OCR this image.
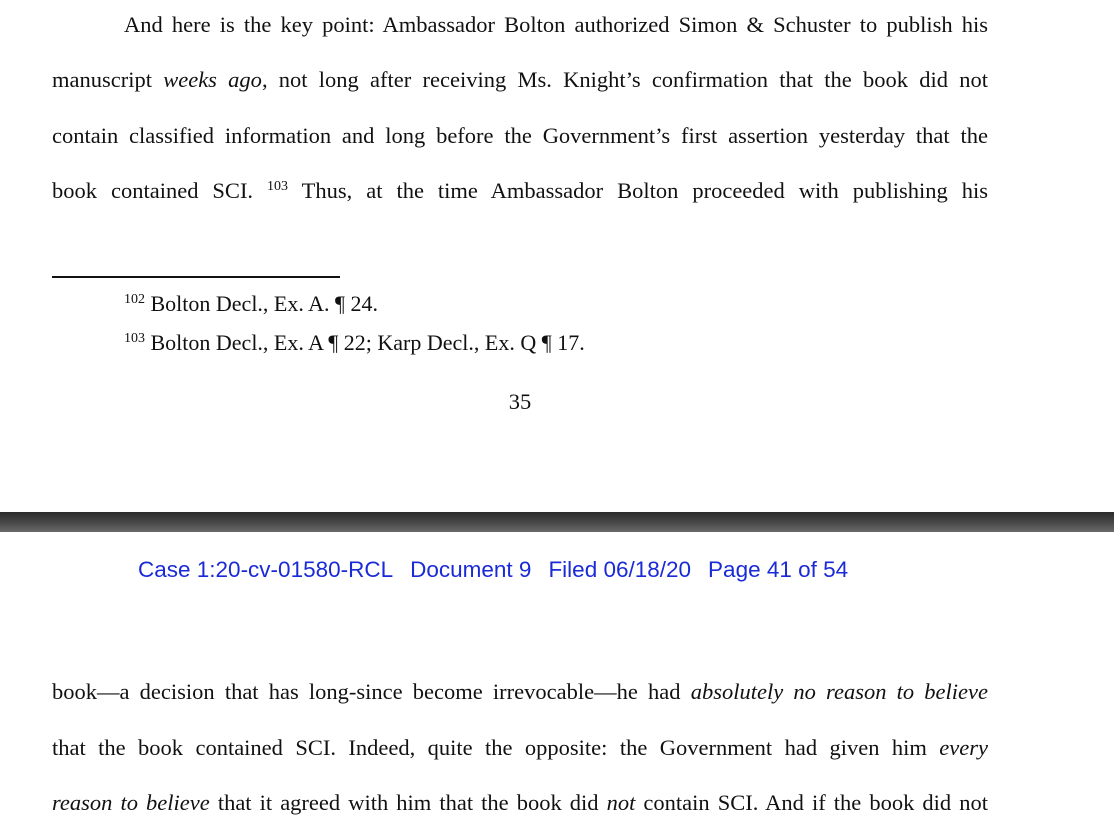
And here is the key point: Ambassador Bolton authorized Simon & Schuster to publish his
manuscript weeks ago, not long after receiving Ms. Knight’s confirmation that the book did not
contain classified information and long before the Government’s first assertion yesterday that the
book contained SCI. $^{103}$ Thus, at the time Ambassador Bolton proceeded with publishing his
$^{102}$ Bolton Decl., Ex. A. ¶ 24.
$^{103}$ Bolton Decl., Ex. A ¶ 22; Karp Decl., Ex. Q ¶ 17.
35
Case 1:20-cv-01580-RCL Document 9 Filed 06/18/20 Page 41 of 54
book—a decision that has long-since become irrevocable—he had absolutely no reason to believe
that the book contained SCI. Indeed, quite the opposite: the Government had given him every
reason to believe that it agreed with him that the book did not contain SCI. And if the book did not
